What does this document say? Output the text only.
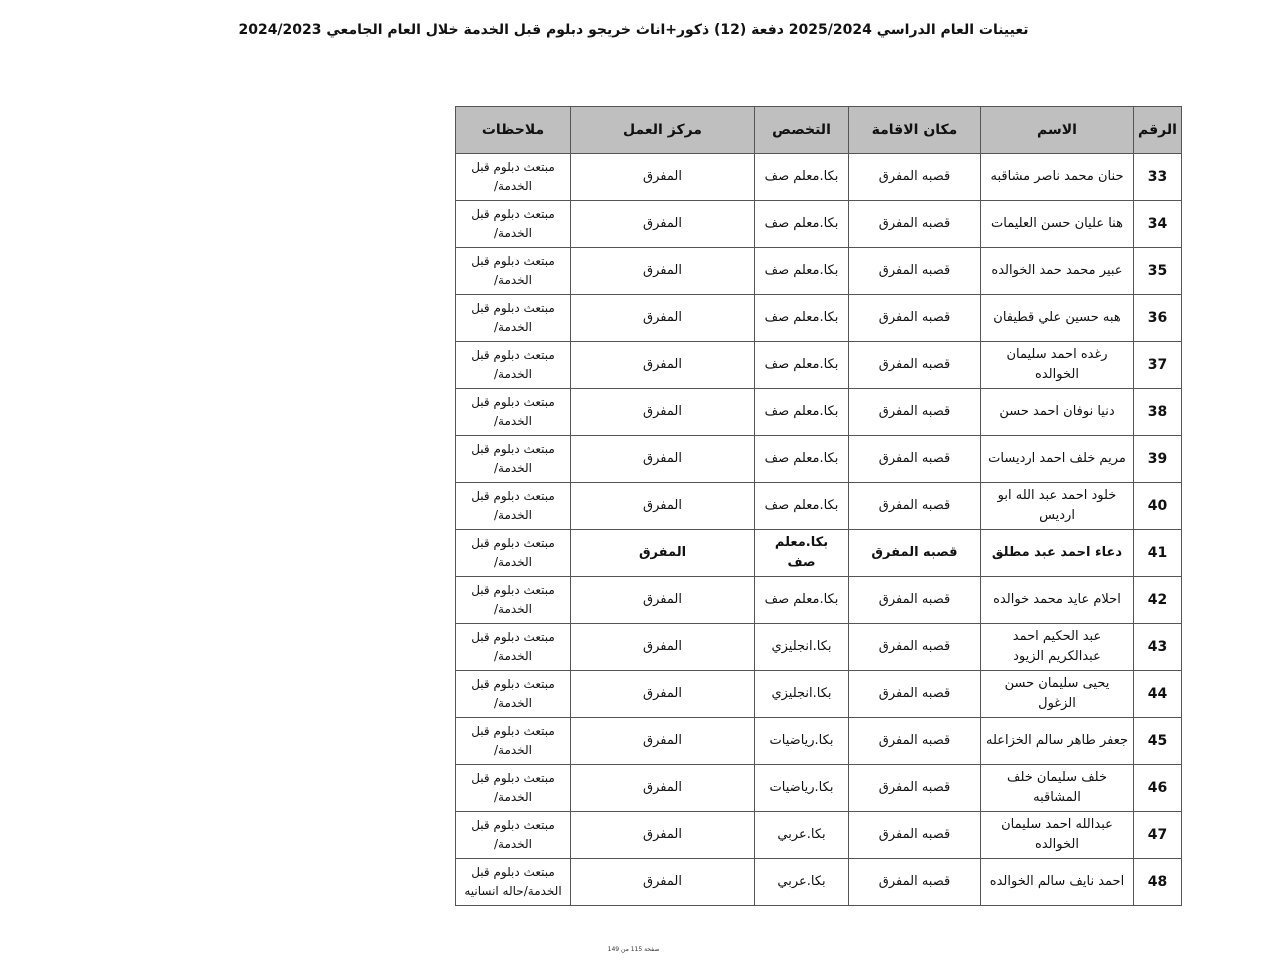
تعيينات العام الدراسي 2025/2024 دفعة (12) ذكور+اناث خريجو دبلوم قبل الخدمة خلال العام الجامعي 2024/2023
الرقم	الاسم	مكان الاقامة	التخصص	مركز العمل	ملاحظات
33	حنان محمد ناصر مشاقبه	قصبه المفرق	بكا.معلم صف	المفرق	مبتعث دبلوم قبل الخدمة/
34	هنا عليان حسن العليمات	قصبه المفرق	بكا.معلم صف	المفرق	مبتعث دبلوم قبل الخدمة/
35	عبير محمد حمد الخوالده	قصبه المفرق	بكا.معلم صف	المفرق	مبتعث دبلوم قبل الخدمة/
36	هبه حسين علي قطيفان	قصبه المفرق	بكا.معلم صف	المفرق	مبتعث دبلوم قبل الخدمة/
37	رغده احمد سليمان الخوالده	قصبه المفرق	بكا.معلم صف	المفرق	مبتعث دبلوم قبل الخدمة/
38	دنيا نوفان احمد حسن	قصبه المفرق	بكا.معلم صف	المفرق	مبتعث دبلوم قبل الخدمة/
39	مريم خلف احمد ارديسات	قصبه المفرق	بكا.معلم صف	المفرق	مبتعث دبلوم قبل الخدمة/
40	خلود احمد عبد الله ابو ارديس	قصبه المفرق	بكا.معلم صف	المفرق	مبتعث دبلوم قبل الخدمة/
41	دعاء احمد عبد مطلق	قصبه المفرق	بكا.معلم صف	المفرق	مبتعث دبلوم قبل الخدمة/
42	احلام عايد محمد خوالده	قصبه المفرق	بكا.معلم صف	المفرق	مبتعث دبلوم قبل الخدمة/
43	عبد الحكيم احمد عبدالكريم الزيود	قصبه المفرق	بكا.انجليزي	المفرق	مبتعث دبلوم قبل الخدمة/
44	يحيى سليمان حسن الزغول	قصبه المفرق	بكا.انجليزي	المفرق	مبتعث دبلوم قبل الخدمة/
45	جعفر طاهر سالم الخزاعله	قصبه المفرق	بكا.رياضيات	المفرق	مبتعث دبلوم قبل الخدمة/
46	خلف سليمان خلف المشاقبه	قصبه المفرق	بكا.رياضيات	المفرق	مبتعث دبلوم قبل الخدمة/
47	عبدالله احمد سليمان الخوالده	قصبه المفرق	بكا.عربي	المفرق	مبتعث دبلوم قبل الخدمة/
48	احمد نايف سالم الخوالده	قصبه المفرق	بكا.عربي	المفرق	مبتعث دبلوم قبل الخدمة/حاله انسانيه
صفحة 115 من 149
